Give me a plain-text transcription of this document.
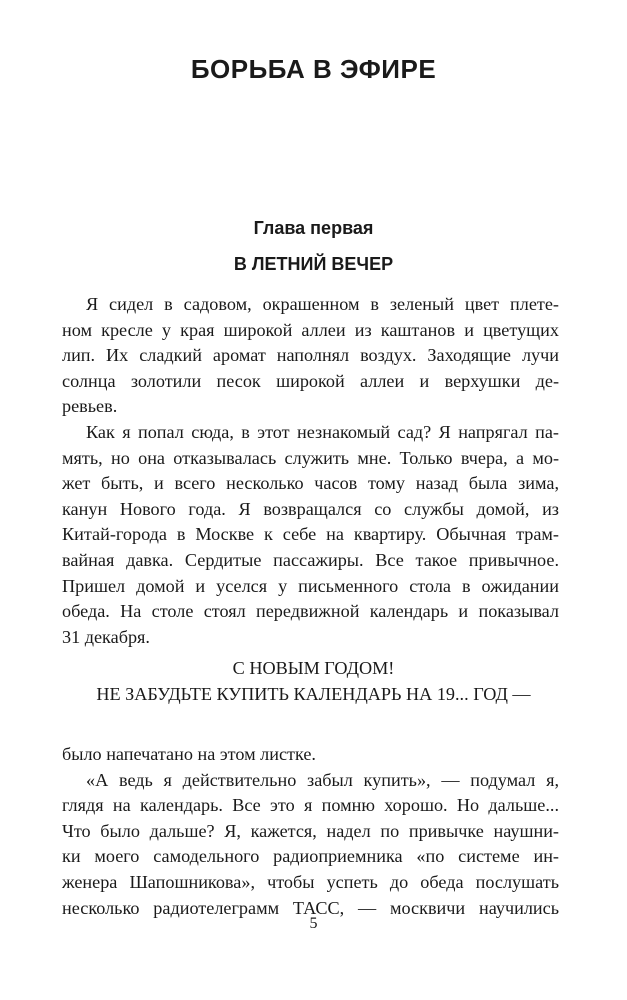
БОРЬБА В ЭФИРЕ
Глава первая
В ЛЕТНИЙ ВЕЧЕР
Я сидел в садовом, окрашенном в зеленый цвет плете-
ном кресле у края широкой аллеи из каштанов и цветущих
лип. Их сладкий аромат наполнял воздух. Заходящие лучи
солнца золотили песок широкой аллеи и верхушки де-
ревьев.
Как я попал сюда, в этот незнакомый сад? Я напрягал па-
мять, но она отказывалась служить мне. Только вчера, а мо-
жет быть, и всего несколько часов тому назад была зима,
канун Нового года. Я возвращался со службы домой, из
Китай-города в Москве к себе на квартиру. Обычная трам-
вайная давка. Сердитые пассажиры. Все такое привычное.
Пришел домой и уселся у письменного стола в ожидании
обеда. На столе стоял передвижной календарь и показывал
31 декабря.
С НОВЫМ ГОДОМ!
НЕ ЗАБУДЬТЕ КУПИТЬ КАЛЕНДАРЬ НА 19... ГОД —
было напечатано на этом листке.
«А ведь я действительно забыл купить», — подумал я,
глядя на календарь. Все это я помню хорошо. Но дальше...
Что было дальше? Я, кажется, надел по привычке наушни-
ки моего самодельного радиоприемника «по системе ин-
женера Шапошникова», чтобы успеть до обеда послушать
несколько радиотелеграмм ТАСС, — москвичи научились
5
